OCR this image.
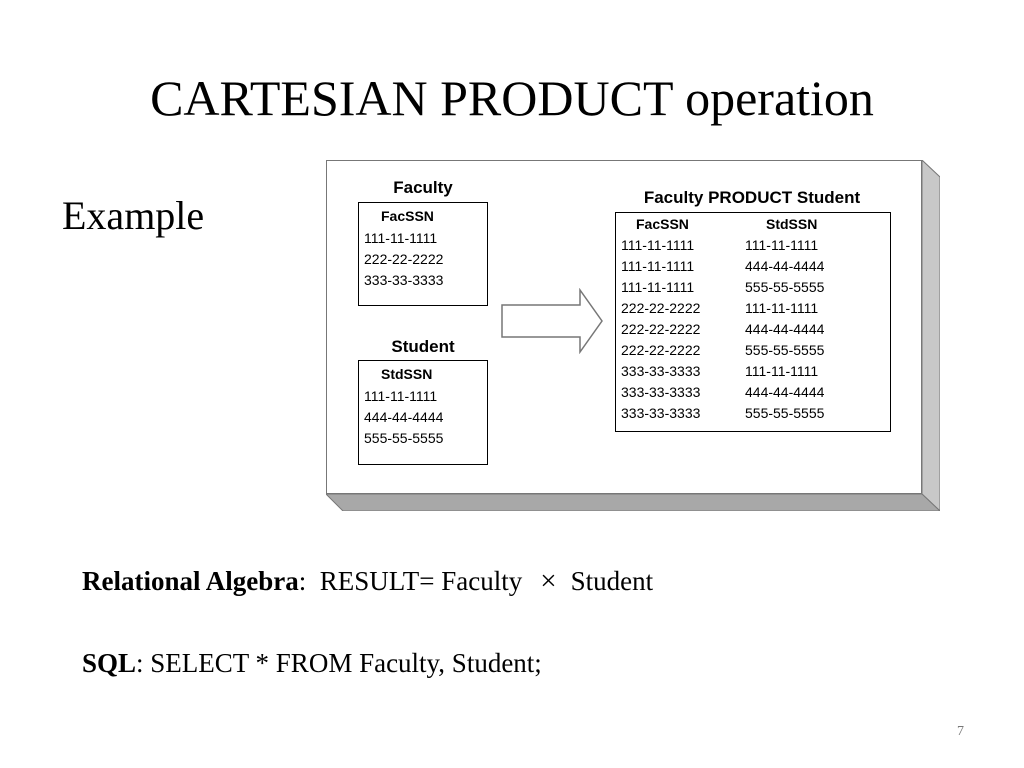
CARTESIAN PRODUCT operation
Example
Faculty
FacSSN
111-11-1111
222-22-2222
333-33-3333
Student
StdSSN
111-11-1111
444-44-4444
555-55-5555
Faculty PRODUCT Student
FacSSN	StdSSN
111-11-1111	111-11-1111
111-11-1111	444-44-4444
111-11-1111	555-55-5555
222-22-2222	111-11-1111
222-22-2222	444-44-4444
222-22-2222	555-55-5555
333-33-3333	111-11-1111
333-33-3333	444-44-4444
333-33-3333	555-55-5555
Relational Algebra: RESULT= Faculty × Student
SQL: SELECT * FROM Faculty, Student;
7
